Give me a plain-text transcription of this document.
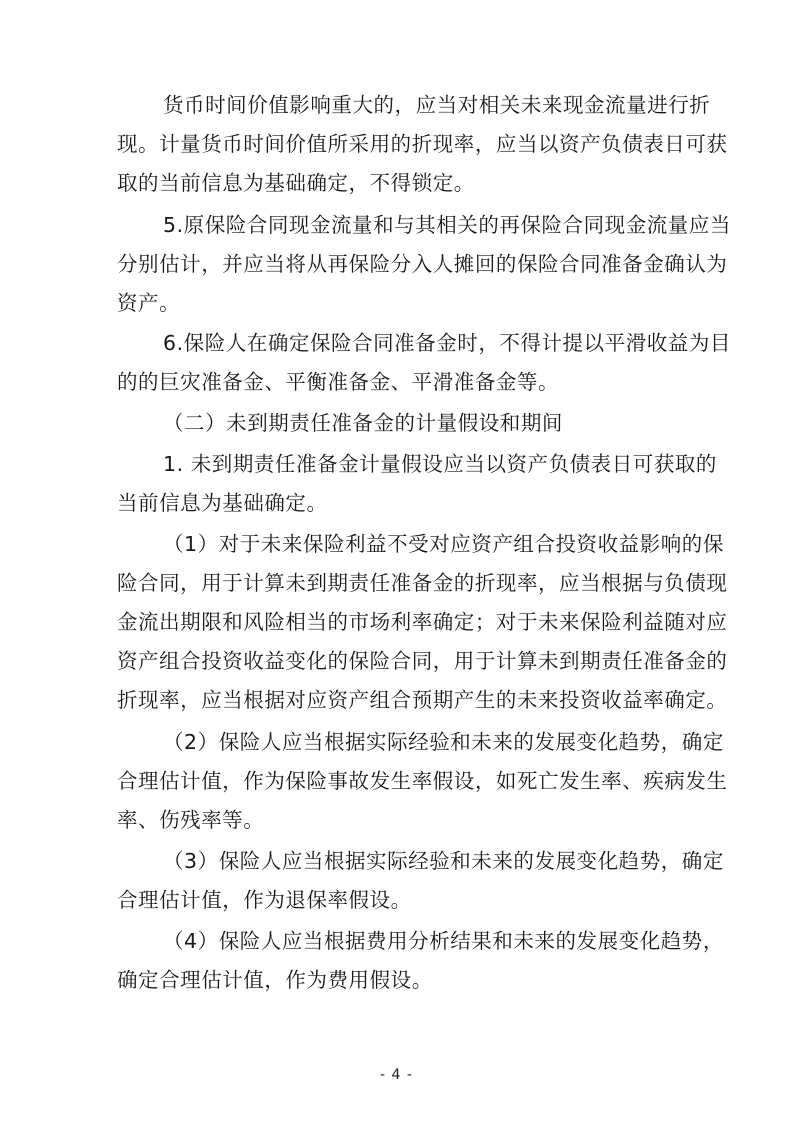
货币时间价值影响重大的，应当对相关未来现金流量进行折
现。计量货币时间价值所采用的折现率，应当以资产负债表日可获
取的当前信息为基础确定，不得锁定。
5.原保险合同现金流量和与其相关的再保险合同现金流量应当
分别估计，并应当将从再保险分入人摊回的保险合同准备金确认为
资产。
6.保险人在确定保险合同准备金时，不得计提以平滑收益为目
的的巨灾准备金、平衡准备金、平滑准备金等。
（二）未到期责任准备金的计量假设和期间
1. 未到期责任准备金计量假设应当以资产负债表日可获取的
当前信息为基础确定。
（1）对于未来保险利益不受对应资产组合投资收益影响的保
险合同，用于计算未到期责任准备金的折现率，应当根据与负债现
金流出期限和风险相当的市场利率确定；对于未来保险利益随对应
资产组合投资收益变化的保险合同，用于计算未到期责任准备金的
折现率，应当根据对应资产组合预期产生的未来投资收益率确定。
（2）保险人应当根据实际经验和未来的发展变化趋势，确定
合理估计值，作为保险事故发生率假设，如死亡发生率、疾病发生
率、伤残率等。
（3）保险人应当根据实际经验和未来的发展变化趋势，确定
合理估计值，作为退保率假设。
（4）保险人应当根据费用分析结果和未来的发展变化趋势，
确定合理估计值，作为费用假设。
- 4 -
